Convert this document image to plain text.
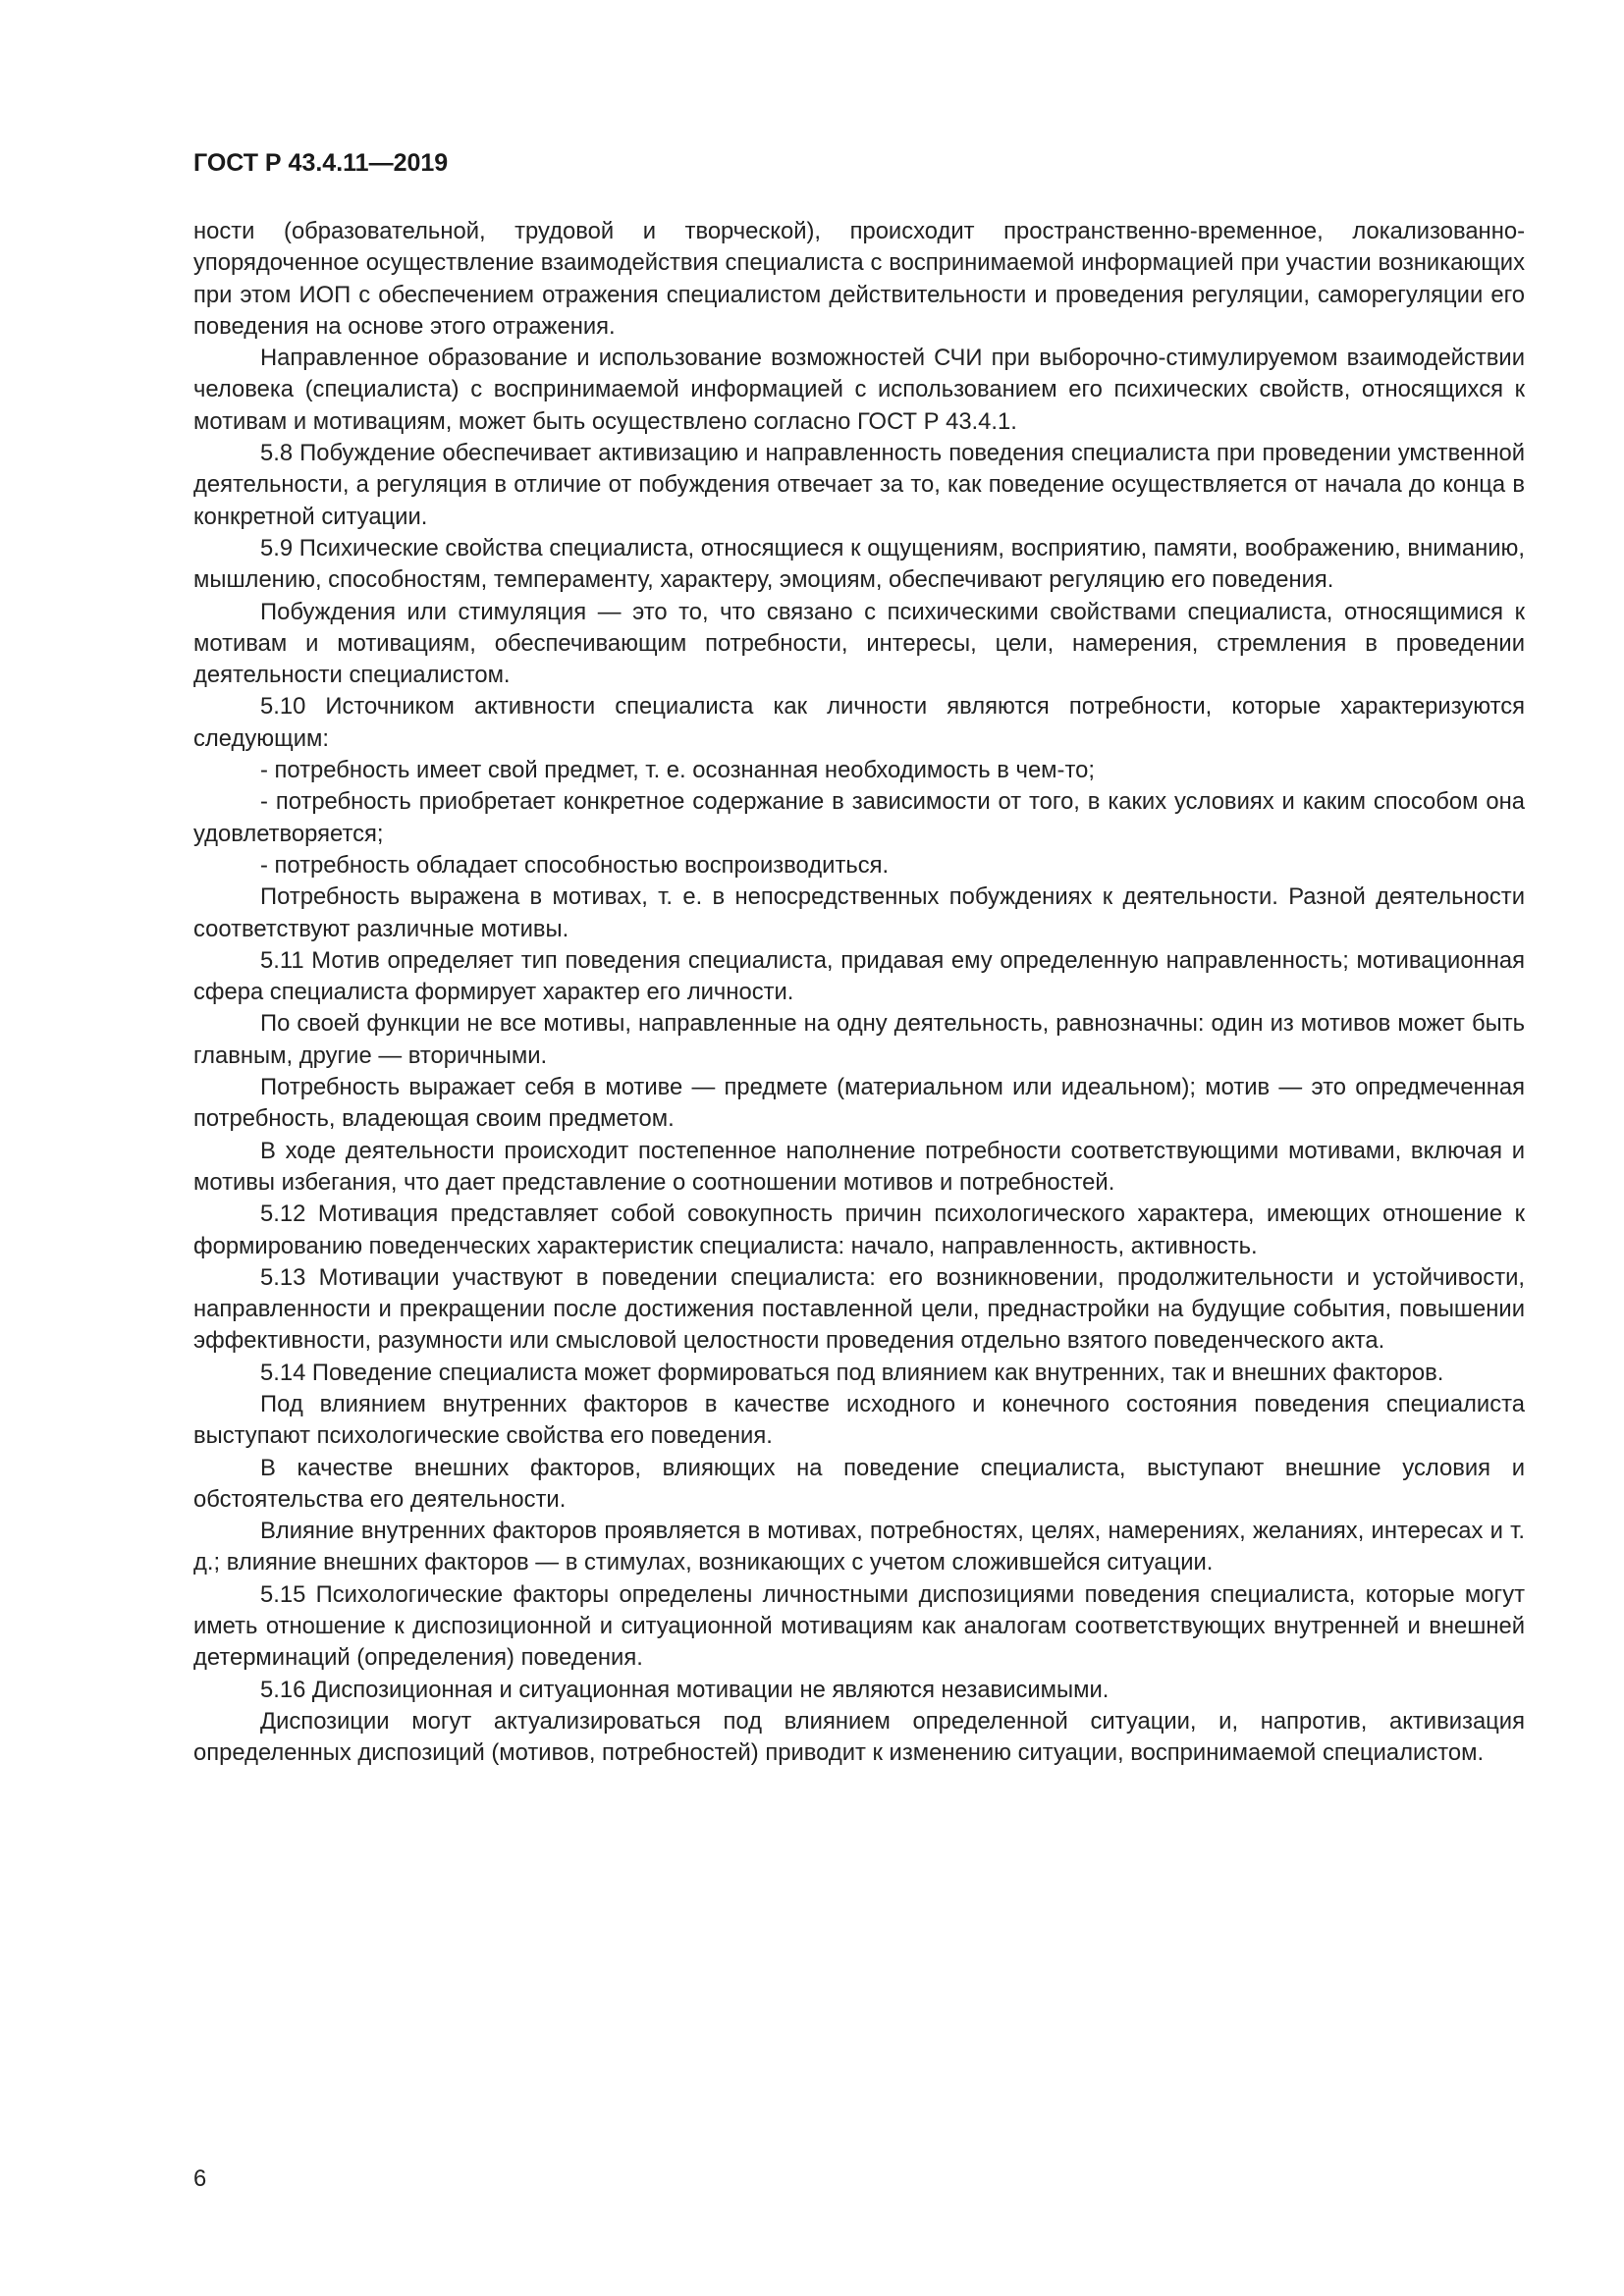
ГОСТ Р 43.4.11—2019

ности (образовательной, трудовой и творческой), происходит пространственно-временное, локализованно-упорядоченное осуществление взаимодействия специалиста с воспринимаемой информацией при участии возникающих при этом ИОП с обеспечением отражения специалистом действительности и проведения регуляции, саморегуляции его поведения на основе этого отражения.

Направленное образование и использование возможностей СЧИ при выборочно-стимулируемом взаимодействии человека (специалиста) с воспринимаемой информацией с использованием его психических свойств, относящихся к мотивам и мотивациям, может быть осуществлено согласно ГОСТ Р 43.4.1.

5.8 Побуждение обеспечивает активизацию и направленность поведения специалиста при проведении умственной деятельности, а регуляция в отличие от побуждения отвечает за то, как поведение осуществляется от начала до конца в конкретной ситуации.

5.9 Психические свойства специалиста, относящиеся к ощущениям, восприятию, памяти, воображению, вниманию, мышлению, способностям, темпераменту, характеру, эмоциям, обеспечивают регуляцию его поведения.

Побуждения или стимуляция — это то, что связано с психическими свойствами специалиста, относящимися к мотивам и мотивациям, обеспечивающим потребности, интересы, цели, намерения, стремления в проведении деятельности специалистом.

5.10 Источником активности специалиста как личности являются потребности, которые характеризуются следующим:

- потребность имеет свой предмет, т. е. осознанная необходимость в чем-то;

- потребность приобретает конкретное содержание в зависимости от того, в каких условиях и каким способом она удовлетворяется;

- потребность обладает способностью воспроизводиться.

Потребность выражена в мотивах, т. е. в непосредственных побуждениях к деятельности. Разной деятельности соответствуют различные мотивы.

5.11 Мотив определяет тип поведения специалиста, придавая ему определенную направленность; мотивационная сфера специалиста формирует характер его личности.

По своей функции не все мотивы, направленные на одну деятельность, равнозначны: один из мотивов может быть главным, другие — вторичными.

Потребность выражает себя в мотиве — предмете (материальном или идеальном); мотив — это опредмеченная потребность, владеющая своим предметом.

В ходе деятельности происходит постепенное наполнение потребности соответствующими мотивами, включая и мотивы избегания, что дает представление о соотношении мотивов и потребностей.

5.12 Мотивация представляет собой совокупность причин психологического характера, имеющих отношение к формированию поведенческих характеристик специалиста: начало, направленность, активность.

5.13 Мотивации участвуют в поведении специалиста: его возникновении, продолжительности и устойчивости, направленности и прекращении после достижения поставленной цели, преднастройки на будущие события, повышении эффективности, разумности или смысловой целостности проведения отдельно взятого поведенческого акта.

5.14 Поведение специалиста может формироваться под влиянием как внутренних, так и внешних факторов.

Под влиянием внутренних факторов в качестве исходного и конечного состояния поведения специалиста выступают психологические свойства его поведения.

В качестве внешних факторов, влияющих на поведение специалиста, выступают внешние условия и обстоятельства его деятельности.

Влияние внутренних факторов проявляется в мотивах, потребностях, целях, намерениях, желаниях, интересах и т. д.; влияние внешних факторов — в стимулах, возникающих с учетом сложившейся ситуации.

5.15 Психологические факторы определены личностными диспозициями поведения специалиста, которые могут иметь отношение к диспозиционной и ситуационной мотивациям как аналогам соответствующих внутренней и внешней детерминаций (определения) поведения.

5.16 Диспозиционная и ситуационная мотивации не являются независимыми.

Диспозиции могут актуализироваться под влиянием определенной ситуации, и, напротив, активизация определенных диспозиций (мотивов, потребностей) приводит к изменению ситуации, воспринимаемой специалистом.

6
